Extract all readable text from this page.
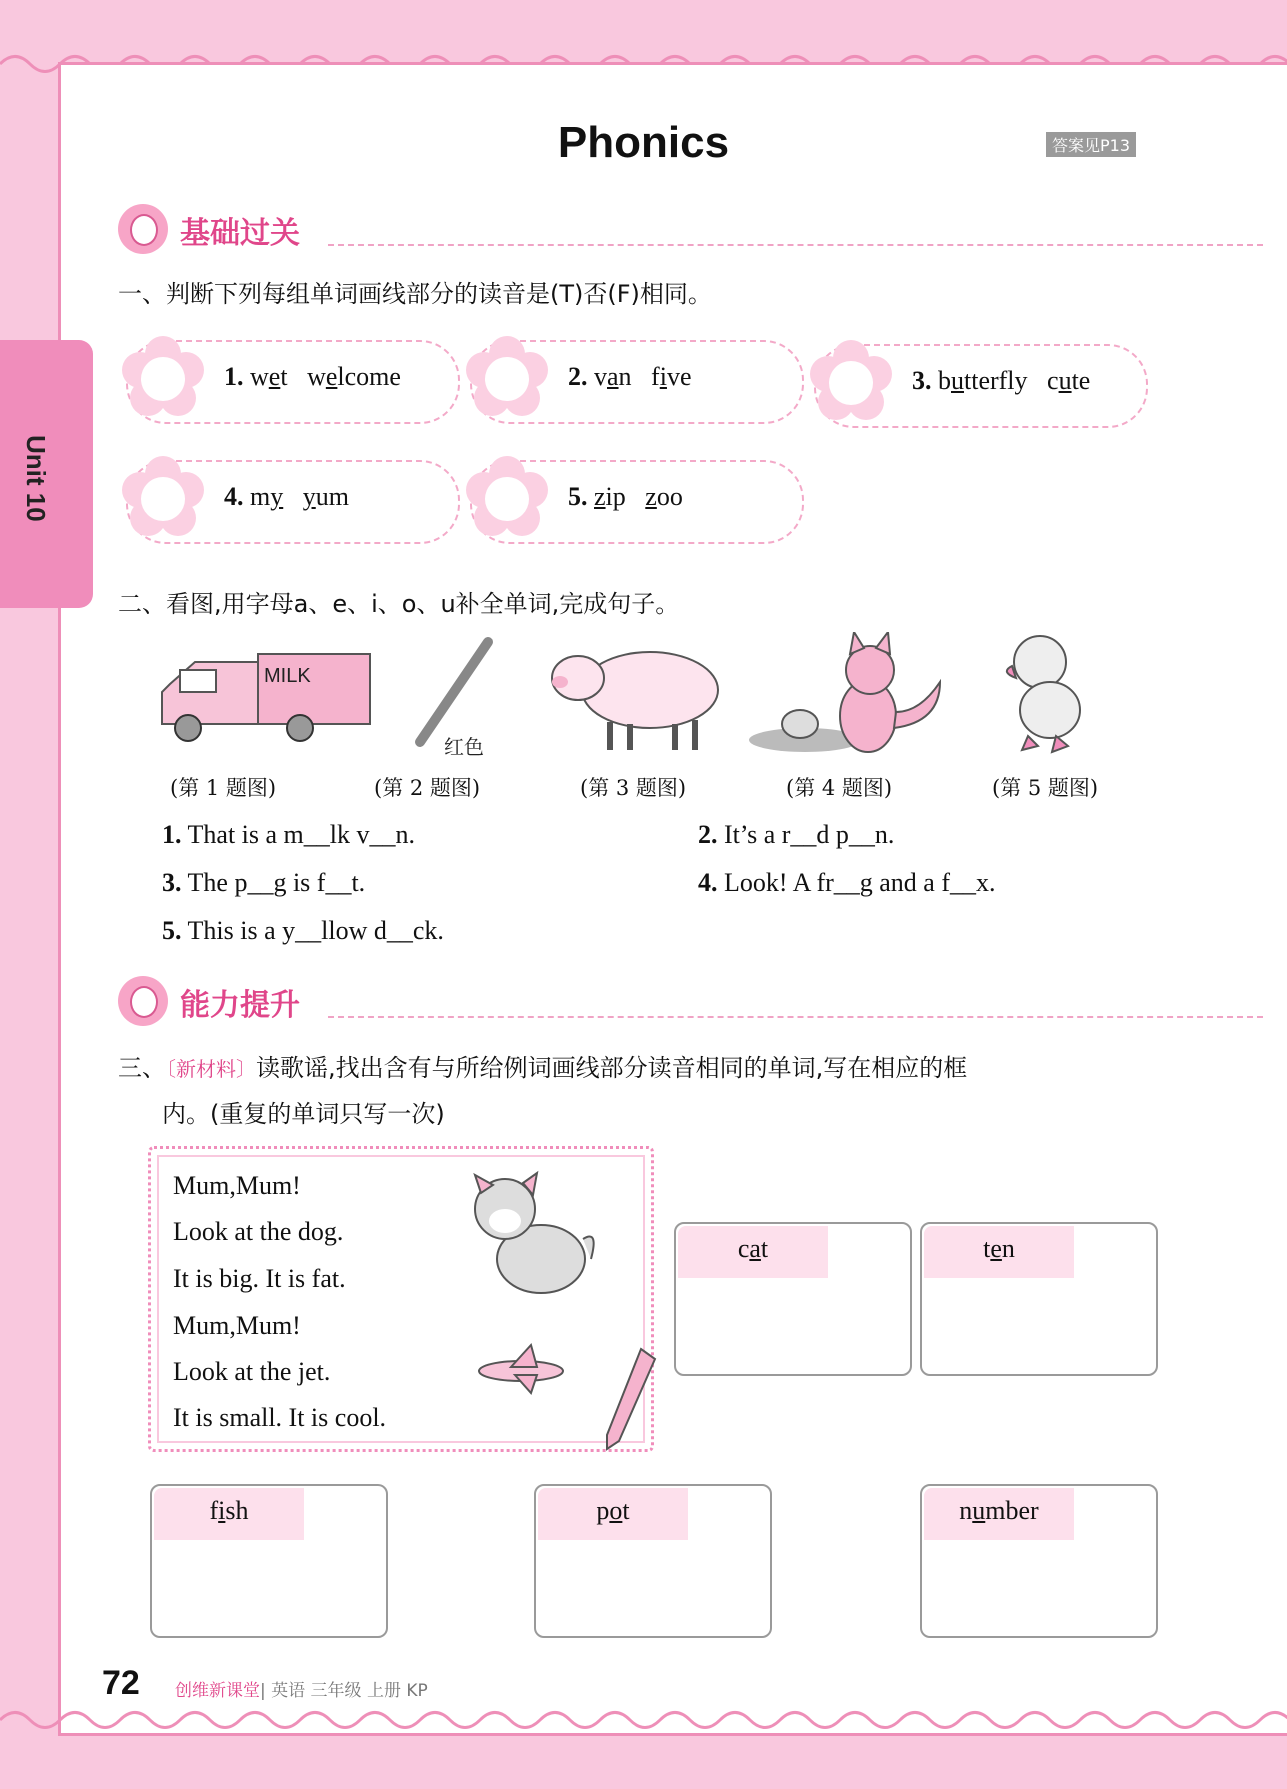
Phonics	答案见P13
Unit 10
基础过关
一、判断下列每组单词画线部分的读音是(T)否(F)相同。
1. wet welcome	2. van five	3. butterfly cute
4. my yum	5. zip zoo
二、看图,用字母a、e、i、o、u补全单词,完成句子。
MILK
红色
(第 1 题图)	(第 2 题图)	(第 3 题图)	(第 4 题图)	(第 5 题图)
1. That is a m__lk v__n.	2. It’s a r__d p__n.
3. The p__g is f__t.	4. Look! A fr__g and a f__x.
5. This is a y__llow d__ck.
能力提升
三、〔新材料〕读歌谣,找出含有与所给例词画线部分读音相同的单词,写在相应的框
内。(重复的单词只写一次)
Mum,Mum!
Look at the dog.
It is big. It is fat.
Mum,Mum!
Look at the jet.
It is small. It is cool.
cat	ten
fish	pot	number
72 创维新课堂| 英语 三年级 上册 KP
